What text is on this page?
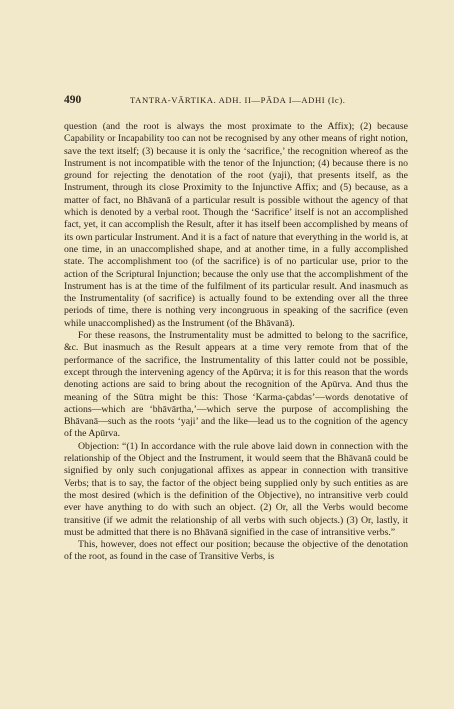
490	TANTRA-VĀRTIKA. ADH. II—PĀDA I—ADHI (Ic).

question (and the root is always the most proximate to the Affix); (2) because Capability or Incapability too can not be recognised by any other means of right notion, save the text itself; (3) because it is only the ‘sacrifice,’ the recognition whereof as the Instrument is not incompatible with the tenor of the Injunction; (4) because there is no ground for rejecting the denotation of the root (yaji), that presents itself, as the Instrument, through its close Proximity to the Injunctive Affix; and (5) because, as a matter of fact, no Bhāvanā of a particular result is possible without the agency of that which is denoted by a verbal root. Though the ‘Sacrifice’ itself is not an accomplished fact, yet, it can accomplish the Result, after it has itself been accomplished by means of its own particular Instrument. And it is a fact of nature that everything in the world is, at one time, in an unaccomplished shape, and at another time, in a fully accomplished state. The accomplishment too (of the sacrifice) is of no particular use, prior to the action of the Scriptural Injunction; because the only use that the accomplishment of the Instrument has is at the time of the fulfilment of its particular result. And inasmuch as the Instrumentality (of sacrifice) is actually found to be extending over all the three periods of time, there is nothing very incongruous in speaking of the sacrifice (even while unaccomplished) as the Instrument (of the Bhāvanā).

For these reasons, the Instrumentality must be admitted to belong to the sacrifice, &c. But inasmuch as the Result appears at a time very remote from that of the performance of the sacrifice, the Instrumentality of this latter could not be possible, except through the intervening agency of the Apūrva; it is for this reason that the words denoting actions are said to bring about the recognition of the Apūrva. And thus the meaning of the Sūtra might be this: Those ‘Karma-çabdas’—words denotative of actions—which are ‘bhāvārtha,’—which serve the purpose of accomplishing the Bhāvanā—such as the roots ‘yaji’ and the like—lead us to the cognition of the agency of the Apūrva.

Objection: “(1) In accordance with the rule above laid down in connection with the relationship of the Object and the Instrument, it would seem that the Bhāvanā could be signified by only such conjugational affixes as appear in connection with transitive Verbs; that is to say, the factor of the object being supplied only by such entities as are the most desired (which is the definition of the Objective), no intransitive verb could ever have anything to do with such an object. (2) Or, all the Verbs would become transitive (if we admit the relationship of all verbs with such objects.) (3) Or, lastly, it must be admitted that there is no Bhāvanā signified in the case of intransitive verbs.”

This, however, does not effect our position; because the objective of the denotation of the root, as found in the case of Transitive Verbs, is
